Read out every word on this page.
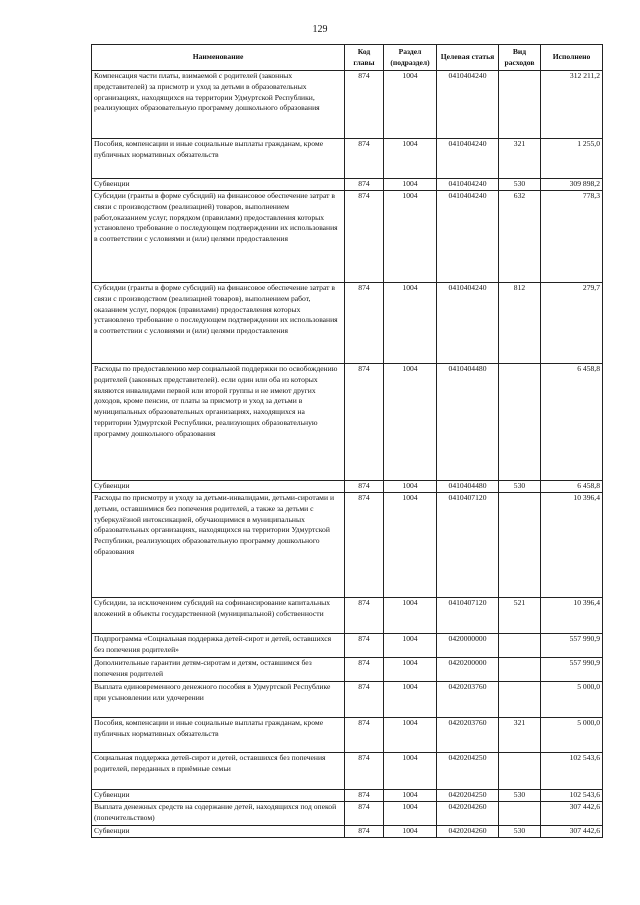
129
Наименование	Код главы	Раздел (подраздел)	Целевая статья	Вид расходов	Исполнено
Компенсация части платы, взимаемой с родителей (законных представителей) за присмотр и уход за детьми в образовательных организациях, находящихся на территории Удмуртской Республики, реализующих образовательную программу дошкольного образования	874	1004	0410404240		312 211,2
Пособия, компенсации и иные социальные выплаты гражданам, кроме публичных нормативных обязательств	874	1004	0410404240	321	1 255,0
Субвенции	874	1004	0410404240	530	309 898,2
Субсидии (гранты в форме субсидий) на финансовое обеспечение затрат в связи с производством (реализацией) товаров, выполнением работ,оказанием услуг, порядком (правилами) предоставления которых установлено требование о последующем подтверждении их использования в соответствии с условиями и (или) целями предоставления	874	1004	0410404240	632	778,3
Субсидии (гранты в форме субсидий) на финансовое обеспечение затрат в связи с производством (реализацией товаров), выполнением работ, оказанием услуг, порядок (правилами) предоставления которых установлено требование о последующем подтверждении их использования в соответствии с условиями и (или) целями предоставления	874	1004	0410404240	812	279,7
Расходы по предоставлению мер социальной поддержки по освобождению родителей (законных представителей). если один или оба из которых являются инвалидами первой или второй группы и не имеют других доходов, кроме пенсии, от платы за присмотр и уход за детьми в муниципальных образовательных организациях, находящихся на территории Удмуртской Республики, реализующих образовательную программу дошкольного образования	874	1004	0410404480		6 458,8
Субвенции	874	1004	0410404480	530	6 458,8
Расходы по присмотру и уходу за детьми-инвалидами, детьми-сиротами и детьми, оставшимися без попечения родителей, а также за детьми с туберкулёзной интоксикацией, обучающимися в муниципальных образовательных организациях, находящихся на территории Удмуртской Республики, реализующих образовательную программу дошкольного образования	874	1004	0410407120		10 396,4
Субсидии, за исключением субсидий на софинансирование капитальных вложений в объекты государственной (муниципальной) собственности	874	1004	0410407120	521	10 396,4
Подпрограмма «Социальная поддержка детей-сирот и детей, оставшихся без попечения родителей»	874	1004	0420000000		557 990,9
Дополнительные гарантии детям-сиротам и детям, оставшимся без попечения родителей	874	1004	0420200000		557 990,9
Выплата единовременного денежного пособия в Удмуртской Республике при усыновлении или удочерении	874	1004	0420203760		5 000,0
Пособия, компенсации и иные социальные выплаты гражданам, кроме публичных нормативных обязательств	874	1004	0420203760	321	5 000,0
Социальная поддержка детей-сирот и детей, оставшихся без попечения родителей, переданных в приёмные семьи	874	1004	0420204250		102 543,6
Субвенции	874	1004	0420204250	530	102 543,6
Выплата денежных средств на содержание детей, находящихся под опекой (попечительством)	874	1004	0420204260		307 442,6
Субвенции	874	1004	0420204260	530	307 442,6
